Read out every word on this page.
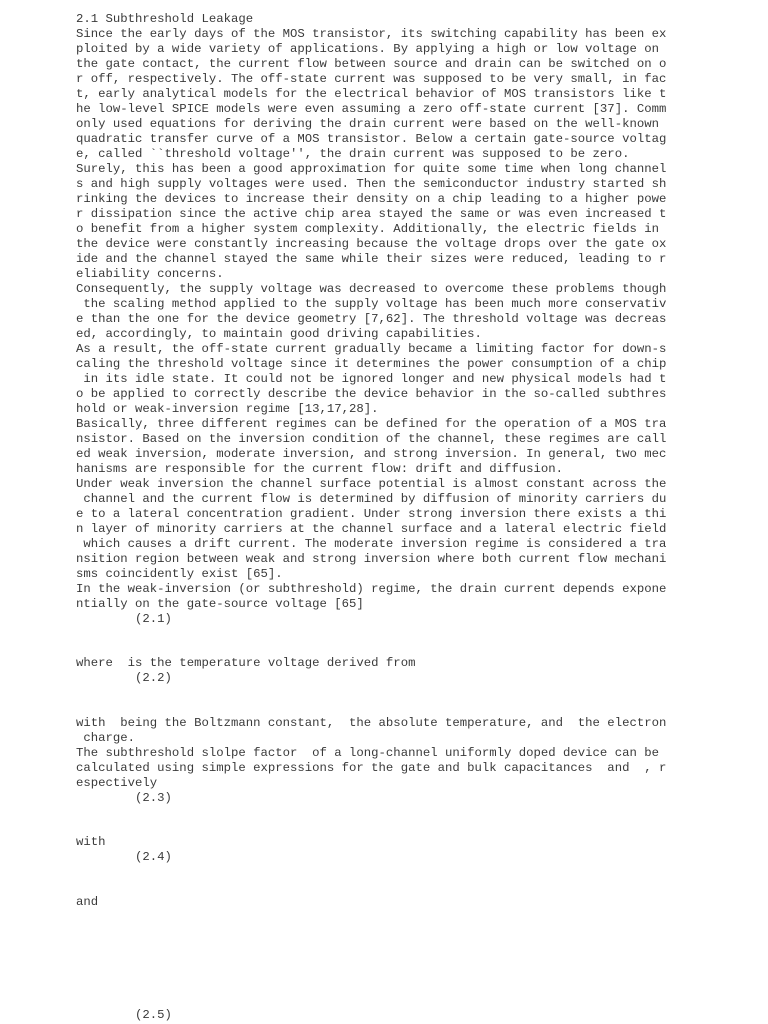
2.1 Subthreshold Leakage

Since the early days of the MOS transistor, its switching capability has been ex

ploited by a wide variety of applications. By applying a high or low voltage on

the gate contact, the current flow between source and drain can be switched on o

r off, respectively. The off-state current was supposed to be very small, in fac

t, early analytical models for the electrical behavior of MOS transistors like t

he low-level SPICE models were even assuming a zero off-state current [37]. Comm

only used equations for deriving the drain current were based on the well-known

quadratic transfer curve of a MOS transistor. Below a certain gate-source voltag

e, called ``threshold voltage'', the drain current was supposed to be zero.

Surely, this has been a good approximation for quite some time when long channel

s and high supply voltages were used. Then the semiconductor industry started sh

rinking the devices to increase their density on a chip leading to a higher powe

r dissipation since the active chip area stayed the same or was even increased t

o benefit from a higher system complexity. Additionally, the electric fields in

the device were constantly increasing because the voltage drops over the gate ox

ide and the channel stayed the same while their sizes were reduced, leading to r

eliability concerns.

Consequently, the supply voltage was decreased to overcome these problems though

the scaling method applied to the supply voltage has been much more conservativ

e than the one for the device geometry [7,62]. The threshold voltage was decreas

ed, accordingly, to maintain good driving capabilities.

As a result, the off-state current gradually became a limiting factor for down-s

caling the threshold voltage since it determines the power consumption of a chip

in its idle state. It could not be ignored longer and new physical models had t

o be applied to correctly describe the device behavior in the so-called subthres

hold or weak-inversion regime [13,17,28].

Basically, three different regimes can be defined for the operation of a MOS tra

nsistor. Based on the inversion condition of the channel, these regimes are call

ed weak inversion, moderate inversion, and strong inversion. In general, two mec

hanisms are responsible for the current flow: drift and diffusion.

Under weak inversion the channel surface potential is almost constant across the

channel and the current flow is determined by diffusion of minority carriers du

e to a lateral concentration gradient. Under strong inversion there exists a thi

n layer of minority carriers at the channel surface and a lateral electric field

which causes a drift current. The moderate inversion regime is considered a tra

nsition region between weak and strong inversion where both current flow mechani

sms coincidently exist [65].

In the weak-inversion (or subthreshold) regime, the drain current depends expone

ntially on the gate-source voltage [65]

(2.1)

where  is the temperature voltage derived from

(2.2)

with  being the Boltzmann constant,  the absolute temperature, and  the electron

charge.

The subthreshold slolpe factor  of a long-channel uniformly doped device can be

calculated using simple expressions for the gate and bulk capacitances  and  , r

espectively

(2.3)

with

(2.4)

and

(2.5)
